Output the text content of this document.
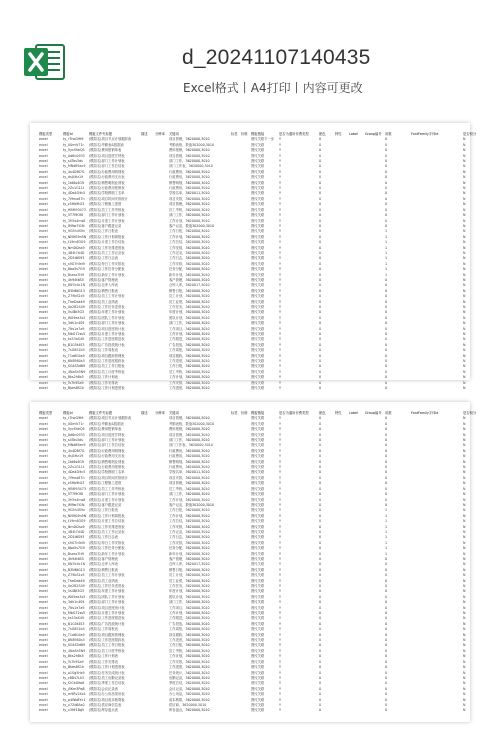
d_20241107140435
Excel格式丨A4打印丨内容可更改
模板类型	模板id	模板文件夹标题	描述	分辨率	关键词	标签	价格	模板链接	是否为通用付费类型	配色	特性	Label	Group编号	用数	FontFamily字体id	是否积分
excel	ty_r7hoG9t9	(模拟名)项目节点计划跟踪表			项目管理，3620000,3010			图纹关联下一步	Y	0				0		N
excel	ty_X0mfcT1r	(模拟名)考勤表&数据表			考勤表格，数值302000,3010			图纹关联	Y	0				0		N
excel	ty_5ycSheQ5	(模拟名)费用报销单表			费用报销，3620000,3010			图纹关联	Y	0				0		N
excel	ty_Ad6n0933	(模拟名)项目进度甘特表			项目管理，3620000,3010			图纹关联	Y	0				0		N
excel	ty_s4Tas3ds	(模拟名)部门工作计划表			部门工作，3620000,3010			图纹关联	Y	0				0		N
excel	ty_MNd89ac9	(模拟名)部门工作总结表			部门工作表，3620000,3010			图纹关联	Y	0				0		N
excel	ty_4v4D8f7G	(模拟名)行政费用明细表			行政费用，3620000,3010			图纹关联	Y	0				0		N
excel	ty_dsJ4Hz19	(模拟名)行政费用支出表			行政费用，3620000,3010			图纹关联	Y	0				0		N
excel	ty_1td6s4G9	(模拟名)销售明细业绩表			销售明细，3620000,3010			图纹关联	Y	0				0		N
excel	ty_2Zs1G11t	(模拟名)行政费用报销表			行政费用，3620000,3010			图纹关联	Y	0				0		N
excel	ty_4Da4G9c5	(模拟名)学校教职工名单			学校名单，3620011,3010			图纹关联	Y	0				0		N
excel	ty_7I9ma87h	(模拟名)项目时间安排统计			项目安排，3620000,3010			图纹关联	Y	0				0		N
excel	ty_z5Hb9tG3	(模拟名)工程施工进度			项目管理，3620000,3010			图纹关联	Y	0				0		N
excel	ty_HBM93473	(模拟名)员工工作考核表			员工考核，3620000,3010			图纹关联	Y	0				0		N
excel	ty_5T7f9Of0	(模拟名)部门工作计划表			部门工作，3620000,3010			图纹关联	Y	0				0		N
excel	ty_3H5s4ms8	(模拟名)月度工作计划表			工作计划，3620000,3010			图纹关联	Y	0				0		N
excel	ty_IM9w7t1N	(模拟名)客户跟进记录			客户记录，数值302000,3010			图纹关联	Y	0				0		N
excel	ty_9G5h4S9v	(模拟名)工作日报表			工作日报，3620000,3010			图纹关联	Y	0				1		N
excel	ty_NN9G9n5N	(模拟名)工作计划周报表			工作计划，3620000,3010			图纹关联	Y	0				1		N
excel	ty_t19m83G9	(模拟名)月度工作总结表			工作总结，3620000,3010			图纹关联	Y	0				1		N
excel	ty_Nm0t2ss9	(模拟名)工作安排进度表			工作安排，3620000,3010			图纹关联	Y	0				1		N
excel	ty_4B4t7d4D	(模拟名)员工工作记录表			工作记录，3620000,3010			图纹关联	Y	0				1		N
excel	ty_2D1t6S93	(模拟名)工作日志表			工作日志，3620000,3010			图纹关联	Y	0				1		N
excel	ty_s9G7h9d9	(模拟名)每日工作安排表			工作安排，3620000,3010			图纹关联	Y	0				1		N
excel	ty_8ba5s7G9	(模拟名)工作任务分配表			任务分配，3620000,3010			图纹关联	Y	0				1		N
excel	ty_Bsess7H9	(模拟名)新年工作计划表			新年计划，3620000,3010			图纹关联	Y	0				1		N
excel	ty_4h94t6S5	(模拟名)客户管理表			客户管理，3620000,3010			图纹关联	Y	0				0		N
excel	ty_8N7e4c1N	(模拟名)仓库入库表			仓库入库，3620017,3010			图纹关联	Y	0				0		N
excel	ty_B3N6tG13	(模拟名)销售日报表			销售日报，3620000,3010			图纹关联	Y	0				0		N
excel	ty_Z79bS1s9	(模拟名)员工工作计划表			员工计划，3620000,3010			图纹关联	Y	0				0		N
excel	ty_TheDak49	(模拟名)员工业绩表			员工业绩，3620000,3010			图纹关联	Y	0				0		N
excel	ty_Xe2B2S49	(模拟名)工作任务进度表			工作任务，3620000,3010			图纹关联	Y	0				0		N
excel	ty_5s4Bt3G3	(模拟名)年度工作计划表			年度计划，3620000,3010			图纹关联	Y	0				0		N
excel	ty_W09ea3s5	(模拟名)团队工作计划表			团队计划，3620000,3010			图纹关联	Y	0				0		N
excel	ty_3dh1c4S9	(模拟名)部门工作计划表			部门工作，3620000,3010			图纹关联	Y	0				0		N
excel	ty_7Ns1e7a9	(模拟名)项目进度统计表			工作项目，3620000,3010			图纹关联	Y	0				0		N
excel	ty_MbG72ss5	(模拟名)月度工作计划表			工作计划，3620000,3010			图纹关联	Y	0				0		N
excel	ty_ks53aS49	(模拟名)工作进度跟进表			工作跟进，3620000,3010			图纹关联	Y	0				0		N
excel	ty_B1G5t4S3	(模拟名)广告投放统计表			广告投放，3620000,3010			图纹关联	Y	0				0		N
excel	ty_7sG8S1b5	(模拟名)工作周报表			工作周报，3620000,3010			图纹关联	Y	0				0		N
excel	ty_T1a8G4s9	(模拟名)项目跟踪管理表			项目跟踪，3620000,3010			图纹关联	Y	0				0		N
excel	ty_6N8980s5	(模拟名)工作进度跟踪表			工作进度，3620000,3010			图纹关联	Y	0				0		N
excel	ty_SG4S5d89	(模拟名)员工工作日报表			工作日报，3620000,3010			图纹关联	Y	0				0		N
excel	ty_4NaSh5N9	(模拟名)员工月度考核表			员工考核，3620000,3010			图纹关联	Y	0				0		N
excel	ty_8ks2h8s5	(模拟名)工作计划表			工作计划，3620000,3010			图纹关联	Y	0				0		N
excel	ty_Ts7h9Sa9	(模拟名)工作安排表			工作安排，3620000,3010			图纹关联	Y	0				0		N
excel	ty_Bkes8S1h	(模拟名)工作计划进度表			工作进度，3620000,3010			图纹关联	Y	0				0		N
模板类型	模板id	模板文件夹标题	描述	分辨率	关键词	标签	价格	模板链接	是否为通用付费类型	配色	特性	Label	Group编号	用数	FontFamily字体id	是否积分
excel	ty_r7hoG9t9	(模拟名)项目节点计划跟踪表			项目管理，3620000,3010			图纹关联	Y	0				0		N
excel	ty_X0mfcT1r	(模拟名)考勤表&数据表			考勤表格，数值302000,3010			图纹关联	Y	0				0		N
excel	ty_5ycSheQ5	(模拟名)费用报销单表			费用报销，3620000,3010			图纹关联	Y	0				0		N
excel	ty_Ad6n0933	(模拟名)项目进度甘特表			项目管理，3620000,3010			图纹关联	Y	0				0		N
excel	ty_s4Tas3ds	(模拟名)部门工作计划表			部门工作，3620000,3010			图纹关联	Y	0				0		N
excel	ty_MNd89ac9	(模拟名)部门工作总结表			部门工作表，3620000,3010			图纹关联	Y	0				0		N
excel	ty_4v4D8f7G	(模拟名)行政费用明细表			行政费用，3620000,3010			图纹关联	Y	0				0		N
excel	ty_dsJ4Hz19	(模拟名)行政费用支出表			行政费用，3620000,3010			图纹关联	Y	0				0		N
excel	ty_1td6s4G9	(模拟名)销售明细业绩表			销售明细，3620000,3010			图纹关联	Y	0				0		N
excel	ty_2Zs1G11t	(模拟名)行政费用报销表			行政费用，3620000,3010			图纹关联	Y	0				0		N
excel	ty_4Da4G9c5	(模拟名)学校教职工名单			学校名单，3620011,3010			图纹关联	Y	0				0		N
excel	ty_7I9ma87h	(模拟名)项目时间安排统计			项目安排，3620000,3010			图纹关联	Y	0				0		N
excel	ty_z5Hb9tG3	(模拟名)工程施工进度			项目管理，3620000,3010			图纹关联	Y	0				0		N
excel	ty_HBM93473	(模拟名)员工工作考核表			员工考核，3620000,3010			图纹关联	Y	0				0		N
excel	ty_5T7f9Of0	(模拟名)部门工作计划表			部门工作，3620000,3010			图纹关联	Y	0				0		N
excel	ty_3H5s4ms8	(模拟名)月度工作计划表			工作计划，3620000,3010			图纹关联	Y	0				0		N
excel	ty_IM9w7t1N	(模拟名)客户跟进记录			客户记录，数值302000,3010			图纹关联	Y	0				0		N
excel	ty_9G5h4S9v	(模拟名)工作日报表			工作日报，3620000,3010			图纹关联	Y	0				1		N
excel	ty_NN9G9n5N	(模拟名)工作计划周报表			工作计划，3620000,3010			图纹关联	Y	0				1		N
excel	ty_t19m83G9	(模拟名)月度工作总结表			工作总结，3620000,3010			图纹关联	Y	0				1		N
excel	ty_Nm0t2ss9	(模拟名)工作安排进度表			工作安排，3620000,3010			图纹关联	Y	0				1		N
excel	ty_4B4t7d4D	(模拟名)员工工作记录表			工作记录，3620000,3010			图纹关联	Y	0				1		N
excel	ty_2D1t6S93	(模拟名)工作日志表			工作日志，3620000,3010			图纹关联	Y	0				1		N
excel	ty_s9G7h9d9	(模拟名)每日工作安排表			工作安排，3620000,3010			图纹关联	Y	0				1		N
excel	ty_8ba5s7G9	(模拟名)工作任务分配表			任务分配，3620000,3010			图纹关联	Y	0				1		N
excel	ty_Bsess7H9	(模拟名)新年工作计划表			新年计划，3620000,3010			图纹关联	Y	0				1		N
excel	ty_4h94t6S5	(模拟名)客户管理表			客户管理，3620000,3010			图纹关联	Y	0				0		N
excel	ty_8N7e4c1N	(模拟名)仓库入库表			仓库入库，3620017,3010			图纹关联	Y	0				0		N
excel	ty_B3N6tG13	(模拟名)销售日报表			销售日报，3620000,3010			图纹关联	Y	0				0		N
excel	ty_Z79bS1s9	(模拟名)员工工作计划表			员工计划，3620000,3010			图纹关联	Y	0				0		N
excel	ty_TheDak49	(模拟名)员工业绩表			员工业绩，3620000,3010			图纹关联	Y	0				0		N
excel	ty_Xe2B2S49	(模拟名)工作任务进度表			工作任务，3620000,3010			图纹关联	Y	0				0		N
excel	ty_5s4Bt3G3	(模拟名)年度工作计划表			年度计划，3620000,3010			图纹关联	Y	0				0		N
excel	ty_W09ea3s5	(模拟名)团队工作计划表			团队计划，3620000,3010			图纹关联	Y	0				0		N
excel	ty_3dh1c4S9	(模拟名)部门工作计划表			部门工作，3620000,3010			图纹关联	Y	0				0		N
excel	ty_7Ns1e7a9	(模拟名)项目进度统计表			工作项目，3620000,3010			图纹关联	Y	0				0		N
excel	ty_MbG72ss5	(模拟名)月度工作计划表			工作计划，3620000,3010			图纹关联	Y	0				0		N
excel	ty_ks53aS49	(模拟名)工作进度跟进表			工作跟进，3620000,3010			图纹关联	Y	0				0		N
excel	ty_B1G5t4S3	(模拟名)广告投放统计表			广告投放，3620000,3010			图纹关联	Y	0				0		N
excel	ty_7sG8S1b5	(模拟名)工作周报表			工作周报，3620000,3010			图纹关联	Y	0				0		N
excel	ty_T1a8G4s9	(模拟名)项目跟踪管理表			项目跟踪，3620000,3010			图纹关联	Y	0				0		N
excel	ty_6N8980s5	(模拟名)工作进度跟踪表			工作进度，3620000,3010			图纹关联	Y	0				0		N
excel	ty_SG4S5d89	(模拟名)员工工作日报表			工作日报，3620000,3010			图纹关联	Y	0				0		N
excel	ty_4NaSh5N9	(模拟名)员工月度考核表			员工考核，3620000,3010			图纹关联	Y	0				0		N
excel	ty_8ks2h8s5	(模拟名)工作计划表			工作计划，3620000,3010			图纹关联	Y	0				0		N
excel	ty_Ts7h9Sa9	(模拟名)工作安排表			工作安排，3620000,3010			图纹关联	Y	0				0		N
excel	ty_Bkes8S1h	(模拟名)工作计划进度表			工作进度，3620000,3010			图纹关联	Y	0				0		N
excel	ty_a1Sg5Hs9	(模拟名)任务完成统计表			任务统计，3620000,3010			图纹关联	Y	0				0		N
excel	ty_c8Ds7Lk3	(模拟名)员工出勤记录表			出勤记录，3620000,3010			图纹关联	Y	0				0		N
excel	ty_f2Gt4Nw6	(模拟名)季度工作总结表			季度总结，3620000,3010			图纹关联	Y	0				0		N
excel	ty_j5Km3Pq8	(模拟名)会议记录表			会议记录，3620000,3010			图纹关联	Y	0				0		N
excel	ty_m9Rv2Xz4	(模拟名)办公用品领用表			办公用品，3620000,3010			图纹关联	Y	0				0		N
excel	ty_p4Wb8Yc1	(模拟名)项目成本核算表			成本核算，3620000,3010			图纹关联	Y	0				0		N
excel	ty_u7Zd6Ae2	(模拟名)供应商信息表			供应商，3620000,3010			图纹关联	Y	0				0		N
excel	ty_x3Hf1Bg5	(模拟名)库存盘点表			库存盘点，3620000,3010			图纹关联	Y	0				0		N
